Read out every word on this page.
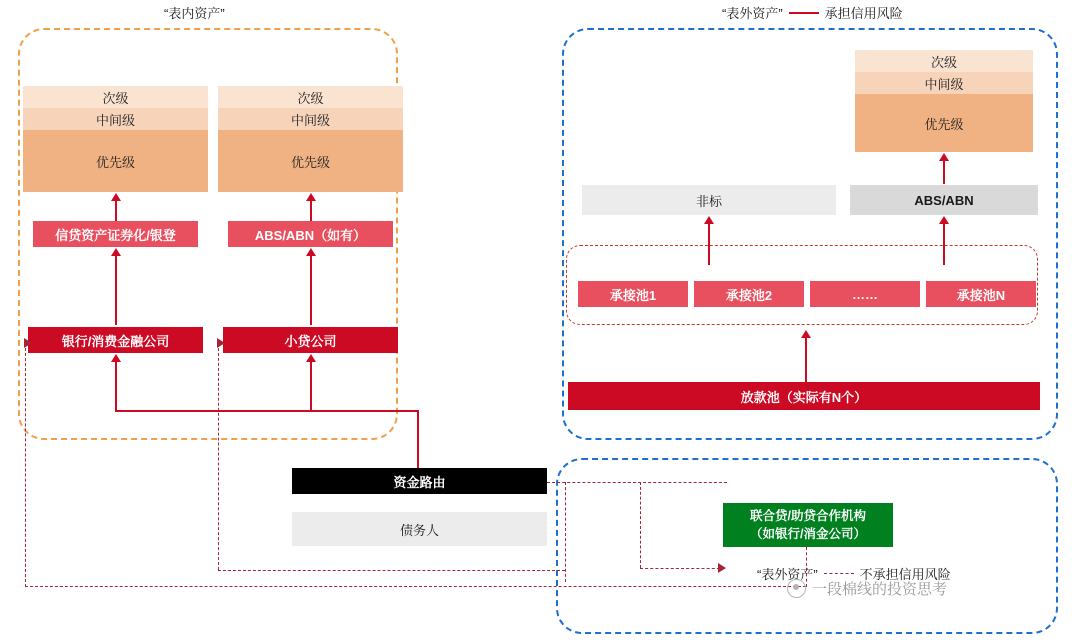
“表内资产”	“表外资产”	承担信用风险
次级
中间级
优先级
次级
中间级
优先级
信贷资产证券化/银登	ABS/ABN（如有）
银行/消费金融公司	小贷公司
次级
中间级
优先级
非标	ABS/ABN
承接池1	承接池2	……	承接池N
放款池（实际有N个）
资金路由
债务人
联合贷/助贷合作机构
（如银行/消金公司）
“表外资产”	不承担信用风险
一段棉线的投资思考
